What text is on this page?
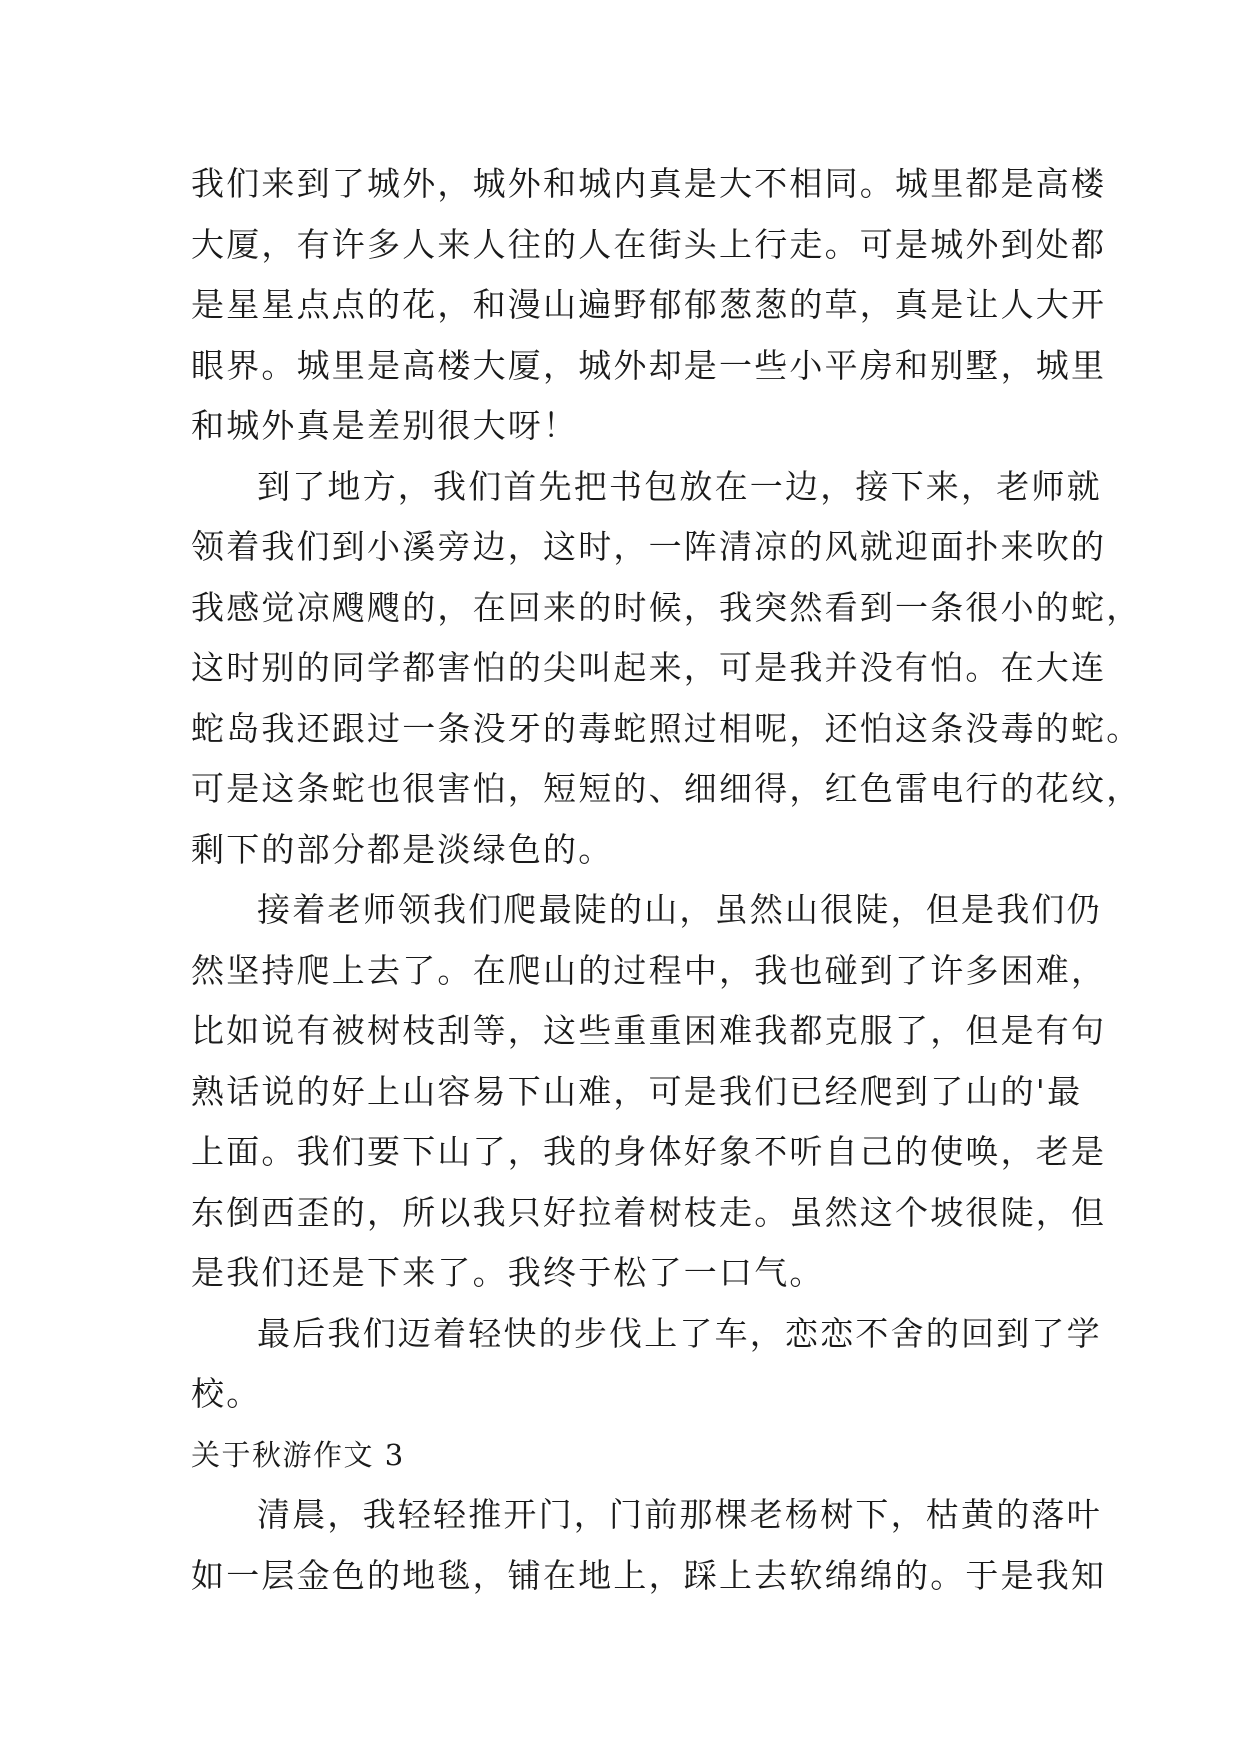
我们来到了城外，城外和城内真是大不相同。城里都是高楼
大厦，有许多人来人往的人在街头上行走。可是城外到处都
是星星点点的花，和漫山遍野郁郁葱葱的草，真是让人大开
眼界。城里是高楼大厦，城外却是一些小平房和别墅，城里
和城外真是差别很大呀！
到了地方，我们首先把书包放在一边，接下来，老师就
领着我们到小溪旁边，这时，一阵清凉的风就迎面扑来吹的
我感觉凉飕飕的，在回来的时候，我突然看到一条很小的蛇，
这时别的同学都害怕的尖叫起来，可是我并没有怕。在大连
蛇岛我还跟过一条没牙的毒蛇照过相呢，还怕这条没毒的蛇。
可是这条蛇也很害怕，短短的、细细得，红色雷电行的花纹，
剩下的部分都是淡绿色的。
接着老师领我们爬最陡的山，虽然山很陡，但是我们仍
然坚持爬上去了。在爬山的过程中，我也碰到了许多困难，
比如说有被树枝刮等，这些重重困难我都克服了，但是有句
熟话说的好上山容易下山难，可是我们已经爬到了山的'最
上面。我们要下山了，我的身体好象不听自己的使唤，老是
东倒西歪的，所以我只好拉着树枝走。虽然这个坡很陡，但
是我们还是下来了。我终于松了一口气。
最后我们迈着轻快的步伐上了车，恋恋不舍的回到了学
校。
关于秋游作文 3
清晨，我轻轻推开门，门前那棵老杨树下，枯黄的落叶
如一层金色的地毯，铺在地上，踩上去软绵绵的。于是我知
